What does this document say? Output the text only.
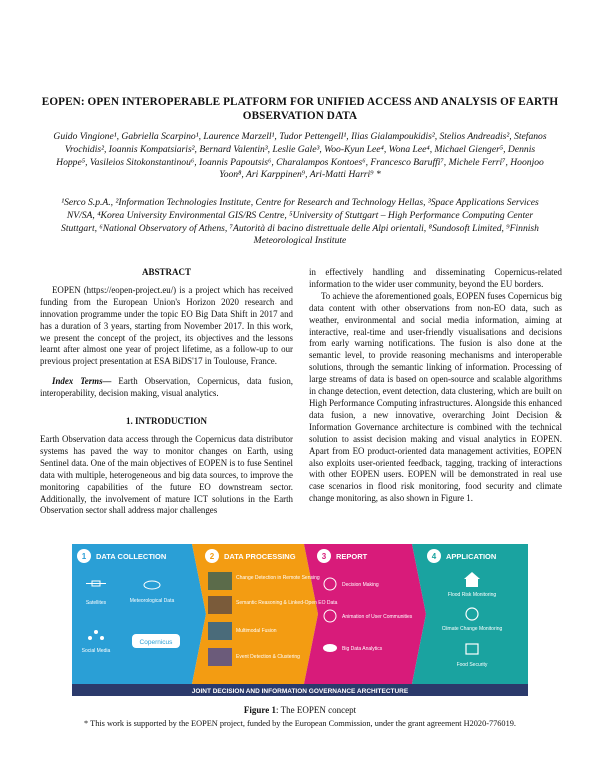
EOPEN: OPEN INTEROPERABLE PLATFORM FOR UNIFIED ACCESS AND ANALYSIS OF EARTH OBSERVATION DATA
Guido Vingione¹, Gabriella Scarpino¹, Laurence Marzell¹, Tudor Pettengell¹, Ilias Gialampoukidis², Stelios Andreadis², Stefanos Vrochidis², Ioannis Kompatsiaris², Bernard Valentin³, Leslie Gale³, Woo-Kyun Lee⁴, Wona Lee⁴, Michael Gienger⁵, Dennis Hoppe⁵, Vasileios Sitokonstantinou⁶, Ioannis Papoutsis⁶, Charalampos Kontoes⁶, Francesco Baruffi⁷, Michele Ferri⁷, Hoonjoo Yoon⁸, Ari Karppinen⁹, Ari-Matti Harri⁹ *
¹Serco S.p.A., ²Information Technologies Institute, Centre for Research and Technology Hellas, ³Space Applications Services NV/SA, ⁴Korea University Environmental GIS/RS Centre, ⁵University of Stuttgart – High Performance Computing Center Stuttgart, ⁶National Observatory of Athens, ⁷Autorità di bacino distrettuale delle Alpi orientali, ⁸Sundosoft Limited, ⁹Finnish Meteorological Institute
ABSTRACT

EOPEN (https://eopen-project.eu/) is a project which has received funding from the European Union's Horizon 2020 research and innovation programme under the topic EO Big Data Shift in 2017 and has a duration of 3 years, starting from November 2017. In this work, we present the concept of the project, its objectives and the lessons learnt after almost one year of project lifetime, as a follow-up to our previous project presentation at ESA BiDS'17 in Toulouse, France.

Index Terms— Earth Observation, Copernicus, data fusion, interoperability, decision making, visual analytics.

1. INTRODUCTION

Earth Observation data access through the Copernicus data distributor systems has paved the way to monitor changes on Earth, using Sentinel data. One of the main objectives of EOPEN is to fuse Sentinel data with multiple, heterogeneous and big data sources, to improve the monitoring capabilities of the future EO downstream sector. Additionally, the involvement of mature ICT solutions in the Earth Observation sector shall address major challenges

in effectively handling and disseminating Copernicus-related information to the wider user community, beyond the EU borders.

To achieve the aforementioned goals, EOPEN fuses Copernicus big data content with other observations from non-EO data, such as weather, environmental and social media information, aiming at interactive, real-time and user-friendly visualisations and decisions from early warning notifications. The fusion is also done at the semantic level, to provide reasoning mechanisms and interoperable solutions, through the semantic linking of information. Processing of large streams of data is based on open-source and scalable algorithms in change detection, event detection, data clustering, which are built on High Performance Computing infrastructures. Alongside this enhanced data fusion, a new innovative, overarching Joint Decision & Information Governance architecture is combined with the technical solution to assist decision making and visual analytics in EOPEN. Apart from EO product-oriented data management activities, EOPEN also exploits user-oriented feedback, tagging, tracking of interactions with other EOPEN users. EOPEN will be demonstrated in real use case scenarios in flood risk monitoring, food security and climate change monitoring, as also shown in Figure 1.

1 DATA COLLECTION	2 DATA PROCESSING	3 REPORT	4 APPLICATION
Satellites	Meteorological Data
Social Media
Copernicus
Change Detection in Remote Sensing
Semantic Reasoning & Linked-Open EO Data
Multimodal Fusion
Event Detection & Clustering
Decision Making
Animation of User Communities
Big Data Analytics
Flood Risk Monitoring
Climate Change Monitoring
Food Security
JOINT DECISION AND INFORMATION GOVERNANCE ARCHITECTURE
Figure 1: The EOPEN concept
* This work is supported by the EOPEN project, funded by the European Commission, under the grant agreement H2020-776019.
